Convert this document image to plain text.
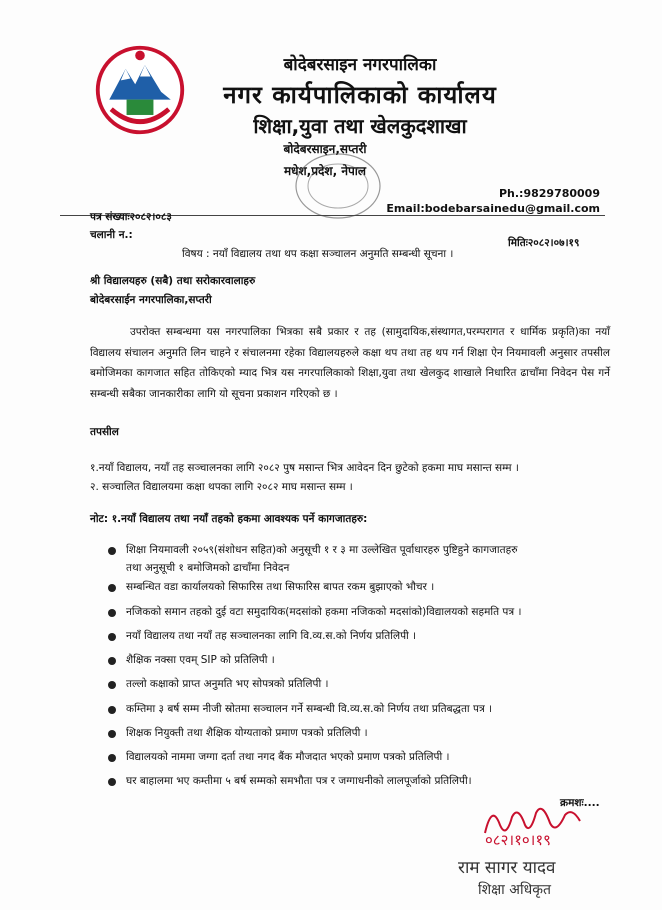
बोदेबरसाइन नगरपालिका
नगर कार्यपालिकाको कार्यालय
शिक्षा,युवा तथा खेलकुदशाखा
बोदेबरसाइन,सप्तरी
मधेश,प्रदेश, नेपाल
Ph.:9829780009
Email:bodebarsainedu@gmail.com
पत्र संख्याः२०८२।०८३
चलानी न.:
मितिः२०८२।०७।१९
विषय : नयाँ विद्यालय तथा थप कक्षा सञ्चालन अनुमति सम्बन्धी सूचना ।
श्री विद्यालयहरु (सबै) तथा सरोकारवालाहरु
बोदेबरसाईन नगरपालिका,सप्तरी

उपरोक्त सम्बन्धमा यस नगरपालिका भित्रका सबै प्रकार र तह (सामुदायिक,संस्थागत,परम्परागत र धार्मिक प्रकृति)का नयाँ विद्यालय संचालन अनुमति लिन चाहने र संचालनमा रहेका विद्यालयहरुले कक्षा थप तथा तह थप गर्न शिक्षा ऐन नियमावली अनुसार तपसील बमोजिमका कागजात सहित तोकिएको म्याद भित्र यस नगरपालिकाको शिक्षा,युवा तथा खेलकुद शाखाले निधारित ढाचाँमा निवेदन पेस गर्ने सम्बन्धी सबैका जानकारीका लागि यो सूचना प्रकाशन गरिएको छ ।

तपसील
१.नयाँ विद्यालय, नयाँ तह सञ्चालनका लागि २०८२ पुष मसान्त भित्र आवेदन दिन छुटेको हकमा माघ मसान्त सम्म ।
२. सञ्चालित विद्यालयमा कक्षा थपका लागि २०८२ माघ मसान्त सम्म ।
नोट: १.नयाँ विद्यालय तथा नयाँ तहको हकमा आवश्यक पर्ने कागजातहरु:
शिक्षा नियमावली २०५९(संशोधन सहित)को अनुसूची १ र ३ मा उल्लेखित पूर्वाधारहरु पुष्टिहुने कागजातहरु
तथा अनुसूची १ बमोजिमको ढाचाँमा निवेदन
सम्बन्धित वडा कार्यालयको सिफारिस तथा सिफारिस बापत रकम बुझाएको भौचर ।
नजिकको समान तहको दुई वटा समुदायिक(मदसांको हकमा नजिकको मदसांको)विद्यालयको सहमति पत्र ।
नयाँ विद्यालय तथा नयाँ तह सञ्चालनका लागि वि.व्य.स.को निर्णय प्रतिलिपी ।
शैक्षिक नक्सा एवम् SIP को प्रतिलिपी ।
तल्लो कक्षाको प्राप्त अनुमति भए सोपत्रको प्रतिलिपी ।
कम्तिमा ३ बर्ष सम्म नीजी स्रोतमा सञ्चालन गर्ने सम्बन्धी वि.व्य.स.को निर्णय तथा प्रतिबद्धता पत्र ।
शिक्षक नियुक्ती तथा शैक्षिक योग्यताको प्रमाण पत्रको प्रतिलिपी ।
विद्यालयको नाममा जग्गा दर्ता तथा नगद बैंक मौजदात भएको प्रमाण पत्रको प्रतिलिपी ।
घर बाहालमा भए कम्तीमा ५ बर्ष सम्मको समभौता पत्र र जग्गाधनीको लालपूर्जाको प्रतिलिपी।
क्रमशः....
०८२।१०।१९
राम सागर यादव
शिक्षा अधिकृत
